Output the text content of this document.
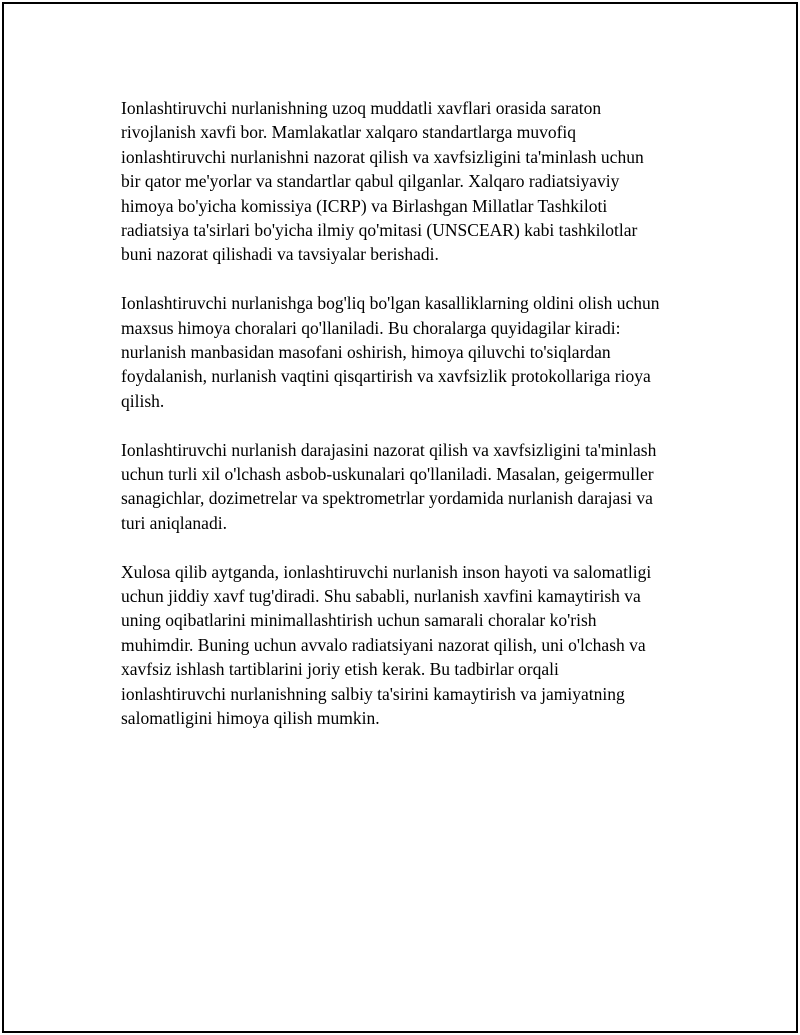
Ionlashtiruvchi nurlanishning uzoq muddatli xavflari orasida saraton
rivojlanish xavfi bor. Mamlakatlar xalqaro standartlarga muvofiq
ionlashtiruvchi nurlanishni nazorat qilish va xavfsizligini ta'minlash uchun
bir qator me'yorlar va standartlar qabul qilganlar. Xalqaro radiatsiyaviy
himoya bo'yicha komissiya (ICRP) va Birlashgan Millatlar Tashkiloti
radiatsiya ta'sirlari bo'yicha ilmiy qo'mitasi (UNSCEAR) kabi tashkilotlar
buni nazorat qilishadi va tavsiyalar berishadi.

Ionlashtiruvchi nurlanishga bog'liq bo'lgan kasalliklarning oldini olish uchun
maxsus himoya choralari qo'llaniladi. Bu choralarga quyidagilar kiradi:
nurlanish manbasidan masofani oshirish, himoya qiluvchi to'siqlardan
foydalanish, nurlanish vaqtini qisqartirish va xavfsizlik protokollariga rioya
qilish.

Ionlashtiruvchi nurlanish darajasini nazorat qilish va xavfsizligini ta'minlash
uchun turli xil o'lchash asbob-uskunalari qo'llaniladi. Masalan, geigermuller
sanagichlar, dozimetrelar va spektrometrlar yordamida nurlanish darajasi va
turi aniqlanadi.

Xulosa qilib aytganda, ionlashtiruvchi nurlanish inson hayoti va salomatligi
uchun jiddiy xavf tug'diradi. Shu sababli, nurlanish xavfini kamaytirish va
uning oqibatlarini minimallashtirish uchun samarali choralar ko'rish
muhimdir. Buning uchun avvalo radiatsiyani nazorat qilish, uni o'lchash va
xavfsiz ishlash tartiblarini joriy etish kerak. Bu tadbirlar orqali
ionlashtiruvchi nurlanishning salbiy ta'sirini kamaytirish va jamiyatning
salomatligini himoya qilish mumkin.
